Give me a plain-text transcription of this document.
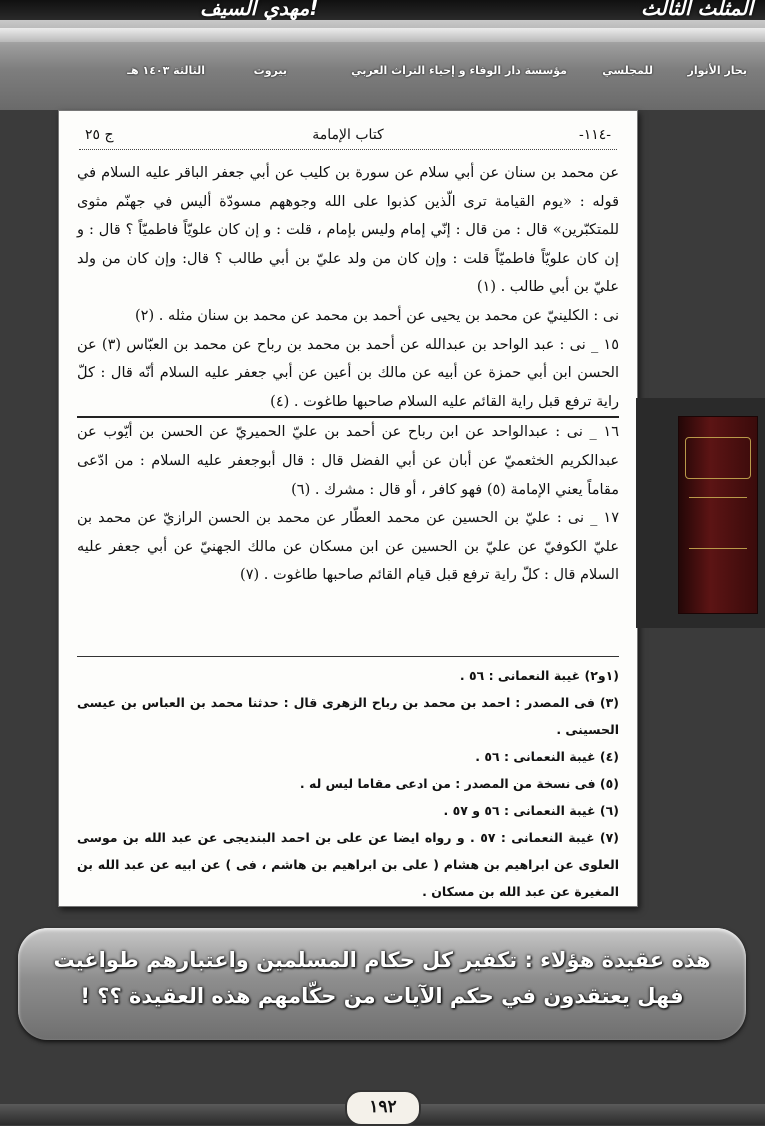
مهدي السيف!	المثلث الثالث
بحار الأنوار
للمجلسي
مؤسسة دار الوفاء و إحياء التراث العربي
بيروت
الثالثة ١٤٠٣ هـ
ج ٢٥	كتاب الإمامة	-١١٤-

عن محمد بن سنان عن أبي سلام عن سورة بن كليب عن أبي جعفر الباقر عليه السلام في قوله : «يوم القيامة ترى الّذين كذبوا على الله وجوههم مسودّة أليس في جهنّم مثوى للمتكبّرين» قال : من قال : إنّي إمام وليس بإمام ، قلت : و إن كان علويّاً فاطميّاً ؟ قال : و إن كان علويّاً فاطميّاً قلت : وإن كان من ولد عليّ بن أبي طالب ؟ قال: وإن كان من ولد عليّ بن أبي طالب . (١)

نى : الكلينيّ عن محمد بن يحيى عن أحمد بن محمد عن محمد بن سنان مثله . (٢)

١٥ _ نى : عبد الواحد بن عبدالله عن أحمد بن محمد بن رباح عن محمد بن العبّاس (٣) عن الحسن ابن أبي حمزة عن أبيه عن مالك بن أعين عن أبي جعفر عليه السلام أنّه قال : كلّ راية ترفع قبل راية القائم عليه السلام صاحبها طاغوت . (٤)

١٦ _ نى : عبدالواحد عن ابن رباح عن أحمد بن عليّ الحميريّ عن الحسن بن أيّوب عن عبدالكريم الخثعميّ عن أبان عن أبي الفضل قال : قال أبوجعفر عليه السلام : من ادّعى مقاماً يعني الإمامة (٥) فهو كافر ، أو قال : مشرك . (٦)

١٧ _ نى : عليّ بن الحسين عن محمد العطّار عن محمد بن الحسن الرازيّ عن محمد بن عليّ الكوفيّ عن عليّ بن الحسين عن ابن مسكان عن مالك الجهنيّ عن أبي جعفر عليه السلام قال : كلّ راية ترفع قبل قيام القائم صاحبها طاغوت . (٧)

(١و٢) غيبة النعمانى : ٥٦ .

(٣) فى المصدر : احمد بن محمد بن رباح الزهرى قال : حدثنا محمد بن العباس بن عيسى الحسينى .

(٤) غيبة النعمانى : ٥٦ .

(٥) فى نسخة من المصدر : من ادعى مقاما ليس له .

(٦) غيبة النعمانى : ٥٦ و ٥٧ .

(٧) غيبة النعمانى : ٥٧ . و رواه ايضا عن على بن احمد البنديجى عن عبد الله بن موسى العلوى عن ابراهيم بن هشام ( على بن ابراهيم بن هاشم ، فى ) عن ابيه عن عبد الله بن المغيرة عن عبد الله بن مسكان .

هذه عقيدة هؤلاء : تكفير كل حكام المسلمين واعتبارهم طواغيت
فهل يعتقدون في حكم الآيات من حكّامهم هذه العقيدة ؟؟ !
١٩٢
